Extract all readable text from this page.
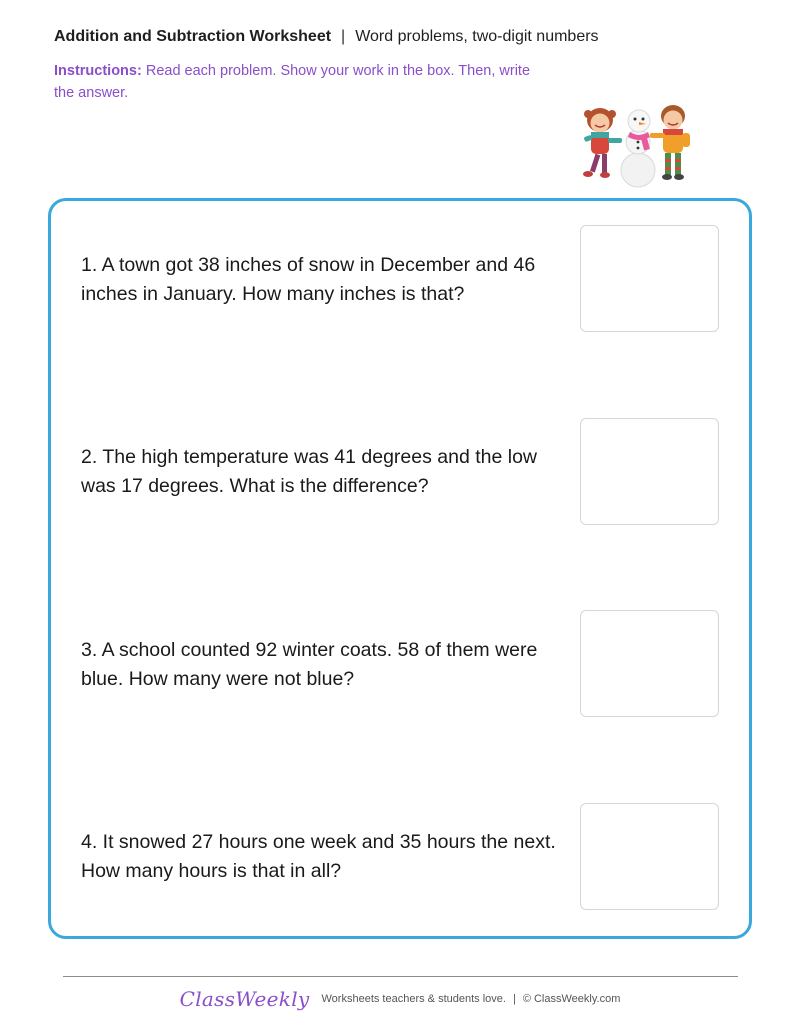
Addition and Subtraction Worksheet | Word problems, two-digit numbers
Instructions: Read each problem. Show your work in the box. Then, write the answer.
1. A town got 38 inches of snow in December and 46 inches in January. How many inches is that?
2. The high temperature was 41 degrees and the low was 17 degrees. What is the difference?
3. A school counted 92 winter coats. 58 of them were blue. How many were not blue?
4. It snowed 27 hours one week and 35 hours the next. How many hours is that in all?
ClassWeekly Worksheets teachers & students love. | © ClassWeekly.com
